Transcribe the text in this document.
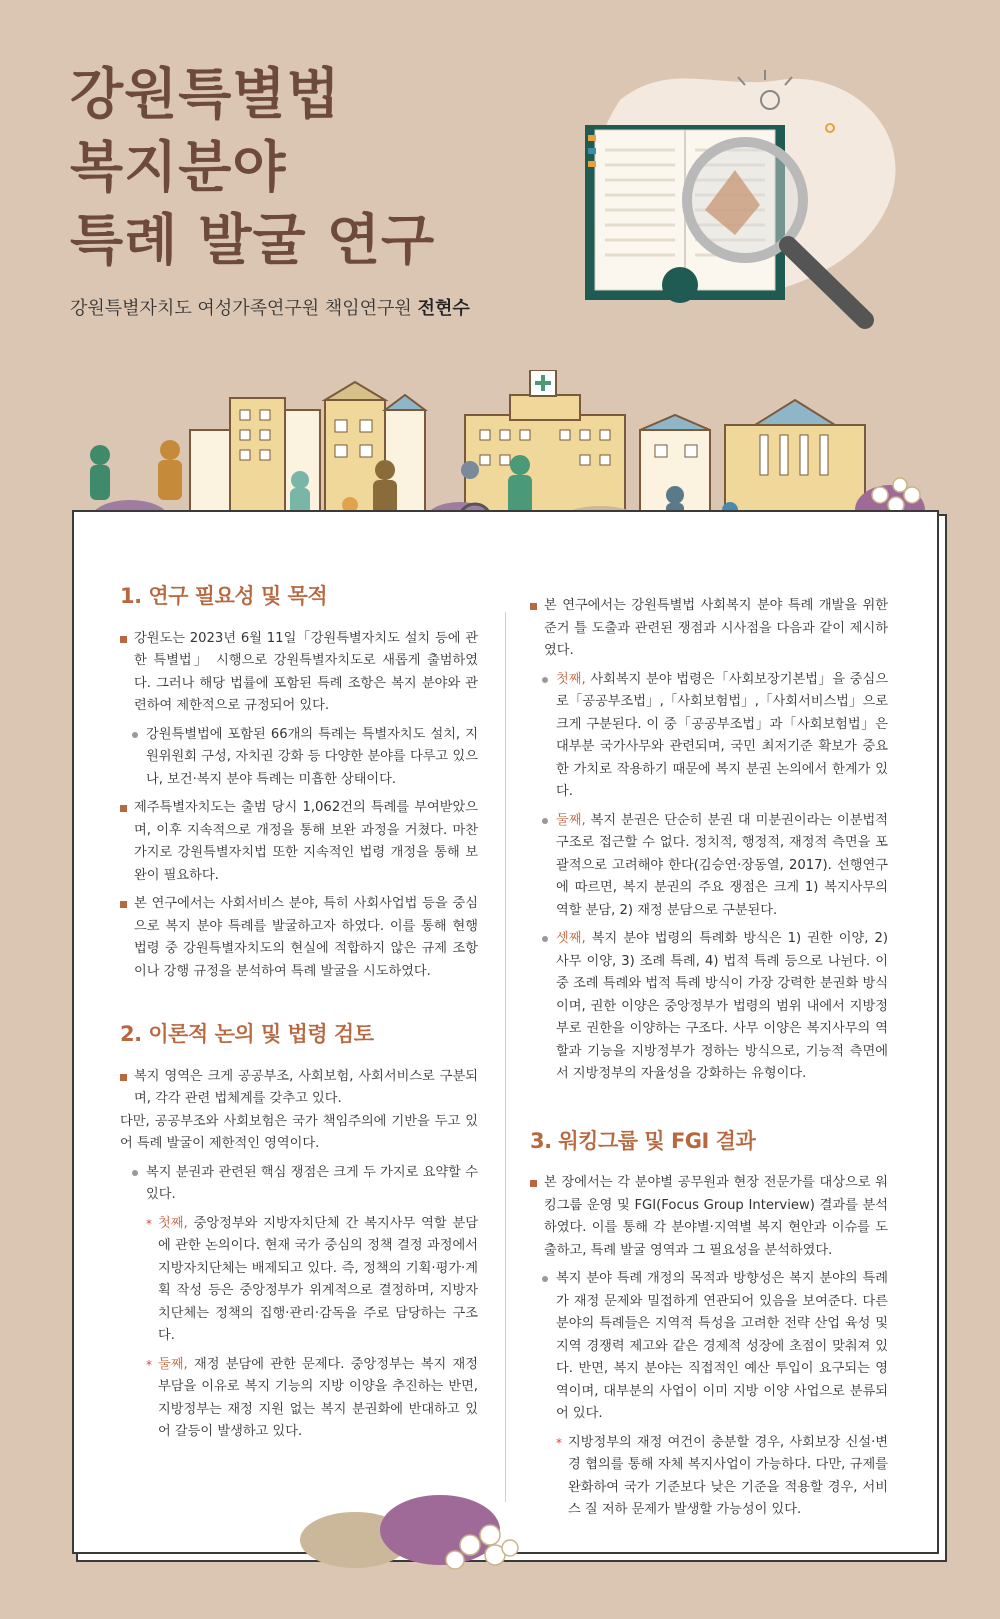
강원특별법
복지분야
특례 발굴 연구
강원특별자치도 여성가족연구원 책임연구원 전현수
1. 연구 필요성 및 목적

강원도는 2023년 6월 11일「강원특별자치도 설치 등에 관한 특별법」 시행으로 강원특별자치도로 새롭게 출범하였다. 그러나 해당 법률에 포함된 특례 조항은 복지 분야와 관련하여 제한적으로 규정되어 있다.

강원특별법에 포함된 66개의 특례는 특별자치도 설치, 지원위원회 구성, 자치권 강화 등 다양한 분야를 다루고 있으나, 보건·복지 분야 특례는 미흡한 상태이다.

제주특별자치도는 출범 당시 1,062건의 특례를 부여받았으며, 이후 지속적으로 개정을 통해 보완 과정을 거쳤다. 마찬가지로 강원특별자치법 또한 지속적인 법령 개정을 통해 보완이 필요하다.

본 연구에서는 사회서비스 분야, 특히 사회사업법 등을 중심으로 복지 분야 특례를 발굴하고자 하였다. 이를 통해 현행 법령 중 강원특별자치도의 현실에 적합하지 않은 규제 조항이나 강행 규정을 분석하여 특례 발굴을 시도하였다.

2. 이론적 논의 및 법령 검토

복지 영역은 크게 공공부조, 사회보험, 사회서비스로 구분되며, 각각 관련 법체계를 갖추고 있다.

다만, 공공부조와 사회보험은 국가 책임주의에 기반을 두고 있어 특례 발굴이 제한적인 영역이다.

복지 분권과 관련된 핵심 쟁점은 크게 두 가지로 요약할 수 있다.

* 첫째, 중앙정부와 지방자치단체 간 복지사무 역할 분담에 관한 논의이다. 현재 국가 중심의 정책 결정 과정에서 지방자치단체는 배제되고 있다. 즉, 정책의 기획·평가·계획 작성 등은 중앙정부가 위계적으로 결정하며, 지방자치단체는 정책의 집행·관리·감독을 주로 담당하는 구조다.

* 둘째, 재정 분담에 관한 문제다. 중앙정부는 복지 재정 부담을 이유로 복지 기능의 지방 이양을 추진하는 반면, 지방정부는 재정 지원 없는 복지 분권화에 반대하고 있어 갈등이 발생하고 있다.

본 연구에서는 강원특별법 사회복지 분야 특례 개발을 위한 준거 틀 도출과 관련된 쟁점과 시사점을 다음과 같이 제시하였다.

첫째, 사회복지 분야 법령은「사회보장기본법」을 중심으로「공공부조법」,「사회보험법」,「사회서비스법」으로 크게 구분된다. 이 중「공공부조법」과「사회보험법」은 대부분 국가사무와 관련되며, 국민 최저기준 확보가 중요한 가치로 작용하기 때문에 복지 분권 논의에서 한계가 있다.

둘째, 복지 분권은 단순히 분권 대 미분권이라는 이분법적 구조로 접근할 수 없다. 정치적, 행정적, 재정적 측면을 포괄적으로 고려해야 한다(김승연·장동열, 2017). 선행연구에 따르면, 복지 분권의 주요 쟁점은 크게 1) 복지사무의 역할 분담, 2) 재정 분담으로 구분된다.

셋째, 복지 분야 법령의 특례화 방식은 1) 권한 이양, 2) 사무 이양, 3) 조례 특례, 4) 법적 특례 등으로 나뉜다. 이 중 조례 특례와 법적 특례 방식이 가장 강력한 분권화 방식이며, 권한 이양은 중앙정부가 법령의 범위 내에서 지방정부로 권한을 이양하는 구조다. 사무 이양은 복지사무의 역할과 기능을 지방정부가 정하는 방식으로, 기능적 측면에서 지방정부의 자율성을 강화하는 유형이다.

3. 워킹그룹 및 FGI 결과

본 장에서는 각 분야별 공무원과 현장 전문가를 대상으로 워킹그룹 운영 및 FGI(Focus Group Interview) 결과를 분석하였다. 이를 통해 각 분야별·지역별 복지 현안과 이슈를 도출하고, 특례 발굴 영역과 그 필요성을 분석하였다.

복지 분야 특례 개정의 목적과 방향성은 복지 분야의 특례가 재정 문제와 밀접하게 연관되어 있음을 보여준다. 다른 분야의 특례들은 지역적 특성을 고려한 전략 산업 육성 및 지역 경쟁력 제고와 같은 경제적 성장에 초점이 맞춰져 있다. 반면, 복지 분야는 직접적인 예산 투입이 요구되는 영역이며, 대부분의 사업이 이미 지방 이양 사업으로 분류되어 있다.

* 지방정부의 재정 여건이 충분할 경우, 사회보장 신설·변경 협의를 통해 자체 복지사업이 가능하다. 다만, 규제를 완화하여 국가 기준보다 낮은 기준을 적용할 경우, 서비스 질 저하 문제가 발생할 가능성이 있다.
